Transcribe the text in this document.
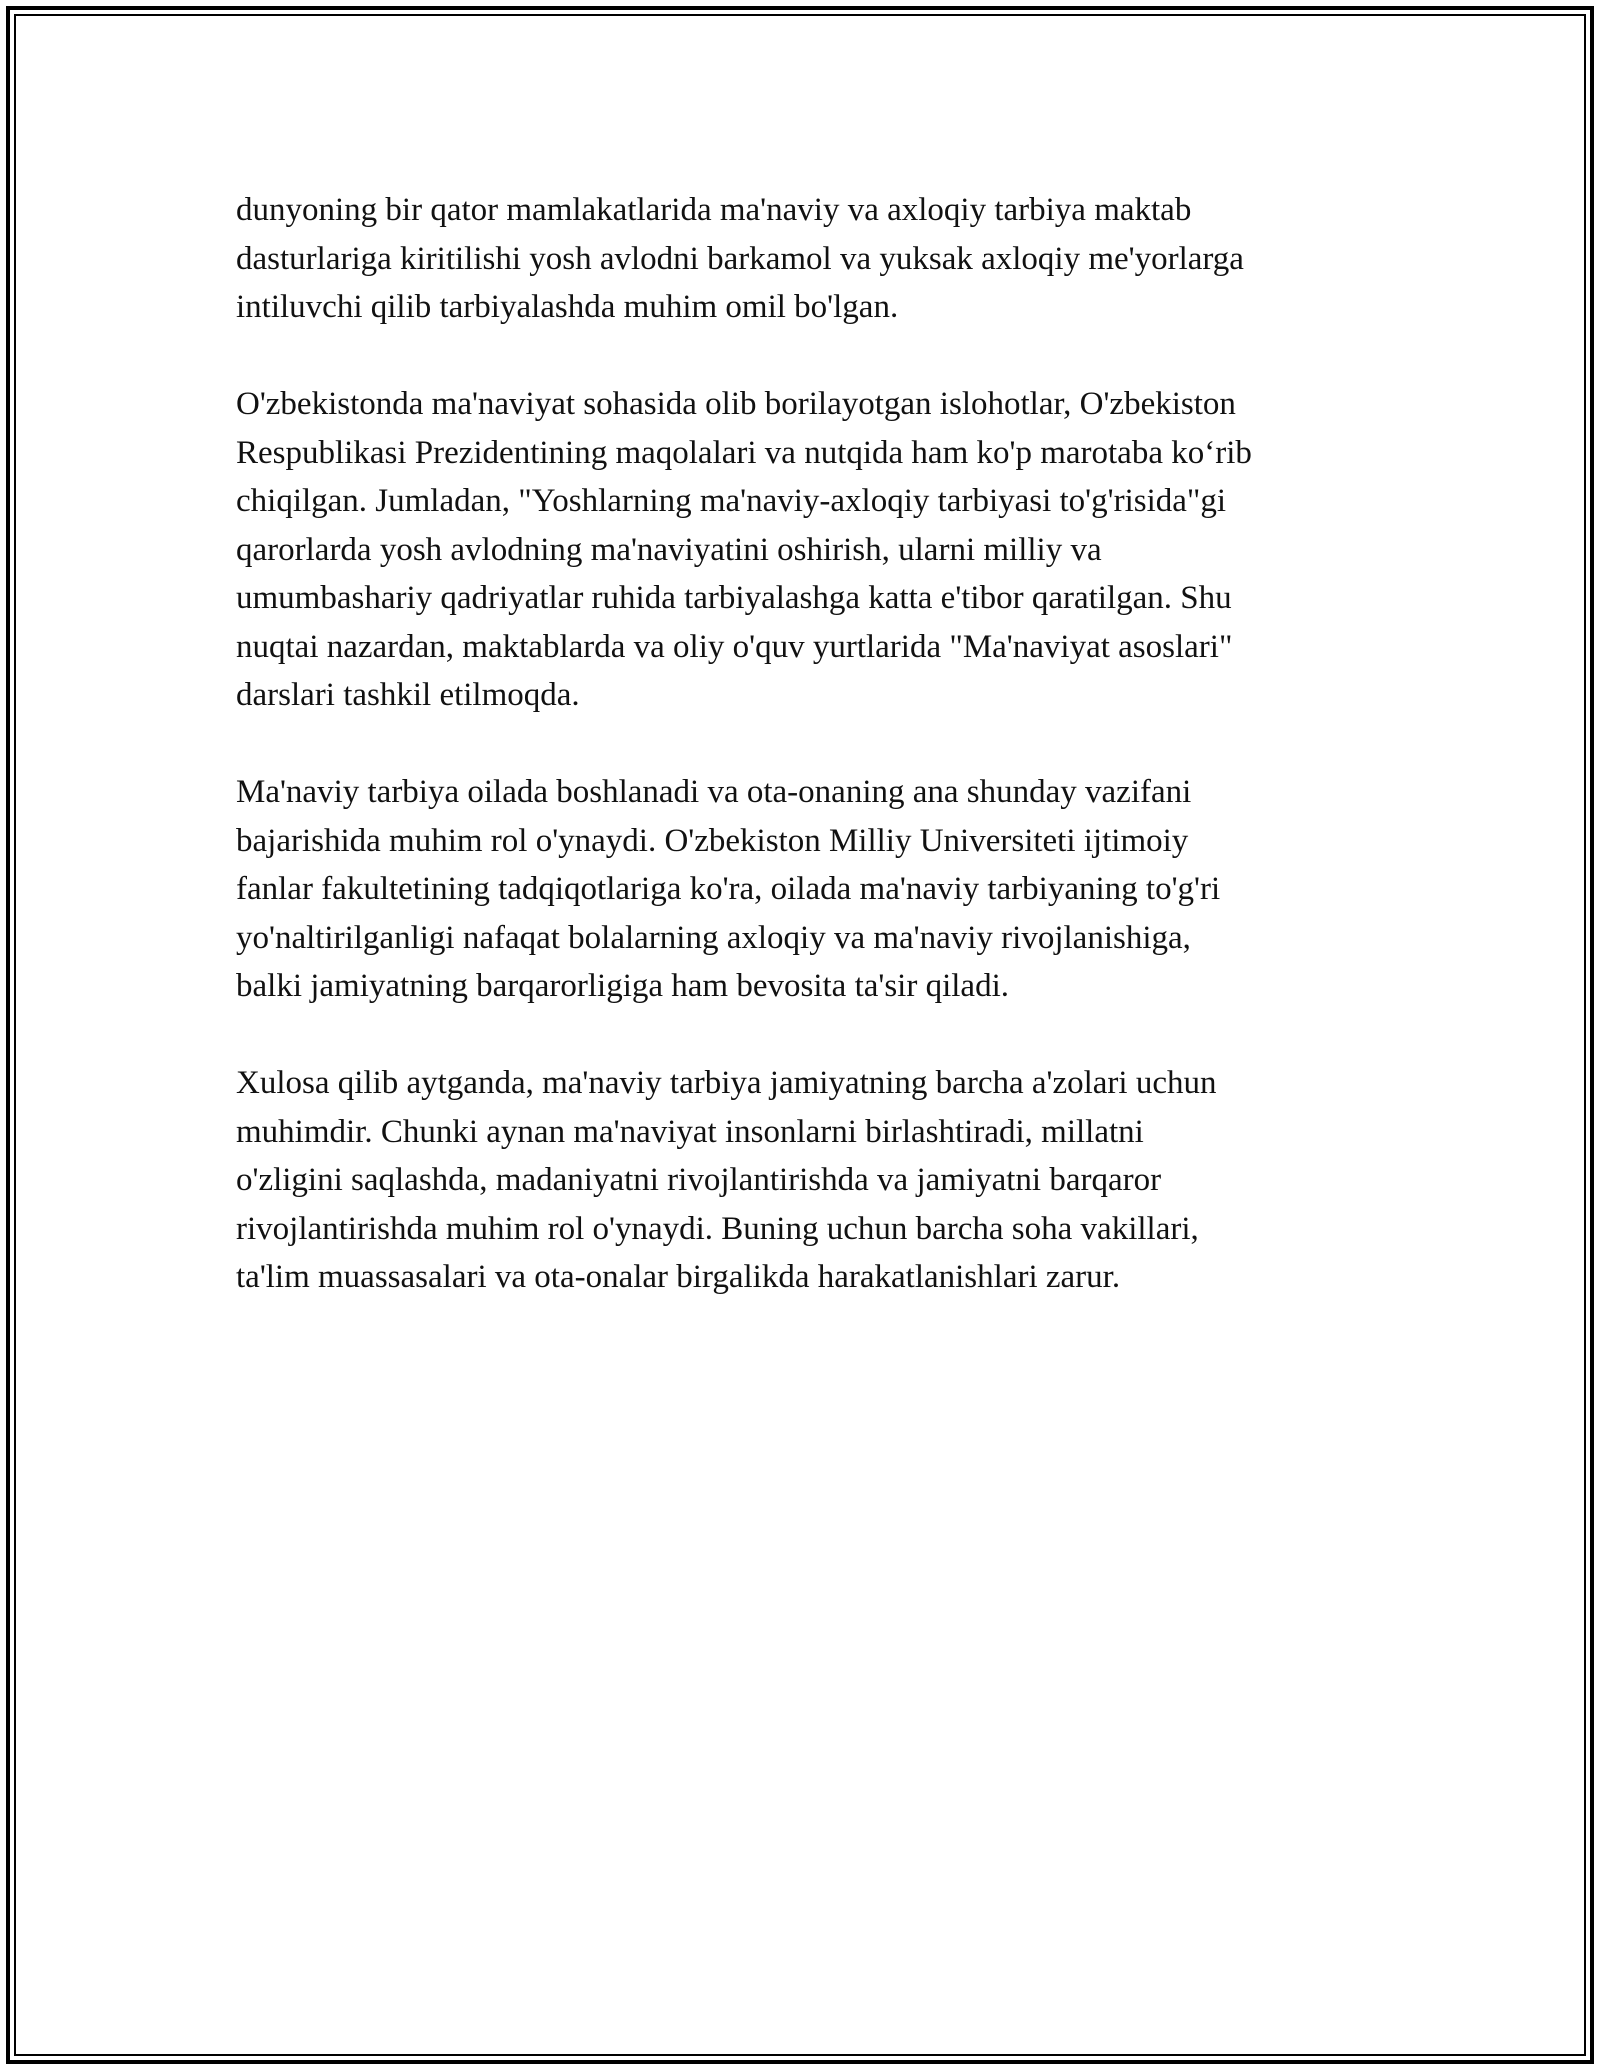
dunyoning bir qator mamlakatlarida ma'naviy va axloqiy tarbiya maktab
dasturlariga kiritilishi yosh avlodni barkamol va yuksak axloqiy me'yorlarga
intiluvchi qilib tarbiyalashda muhim omil bo'lgan.

O'zbekistonda ma'naviyat sohasida olib borilayotgan islohotlar, O'zbekiston
Respublikasi Prezidentining maqolalari va nutqida ham ko'p marotaba ko‘rib
chiqilgan. Jumladan, "Yoshlarning ma'naviy-axloqiy tarbiyasi to'g'risida"gi
qarorlarda yosh avlodning ma'naviyatini oshirish, ularni milliy va
umumbashariy qadriyatlar ruhida tarbiyalashga katta e'tibor qaratilgan. Shu
nuqtai nazardan, maktablarda va oliy o'quv yurtlarida "Ma'naviyat asoslari"
darslari tashkil etilmoqda.

Ma'naviy tarbiya oilada boshlanadi va ota-onaning ana shunday vazifani
bajarishida muhim rol o'ynaydi. O'zbekiston Milliy Universiteti ijtimoiy
fanlar fakultetining tadqiqotlariga ko'ra, oilada ma'naviy tarbiyaning to'g'ri
yo'naltirilganligi nafaqat bolalarning axloqiy va ma'naviy rivojlanishiga,
balki jamiyatning barqarorligiga ham bevosita ta'sir qiladi.

Xulosa qilib aytganda, ma'naviy tarbiya jamiyatning barcha a'zolari uchun
muhimdir. Chunki aynan ma'naviyat insonlarni birlashtiradi, millatni
o'zligini saqlashda, madaniyatni rivojlantirishda va jamiyatni barqaror
rivojlantirishda muhim rol o'ynaydi. Buning uchun barcha soha vakillari,
ta'lim muassasalari va ota-onalar birgalikda harakatlanishlari zarur.
